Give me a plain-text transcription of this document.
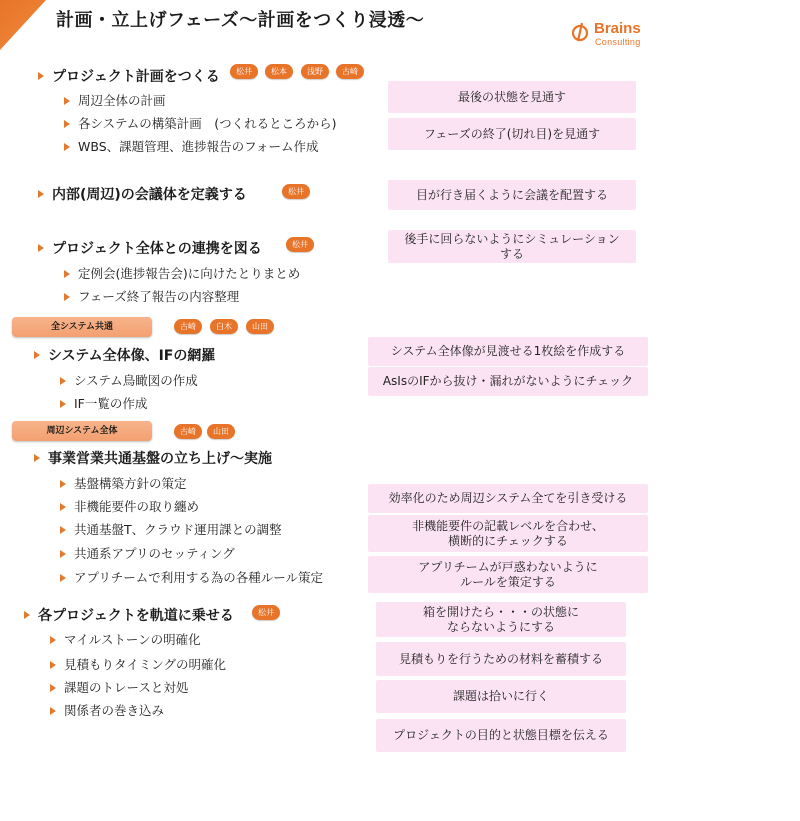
計画・立上げフェーズ〜計画をつくり浸透〜	Brains
Consulting
プロジェクト計画をつくる	松井	松本	浅野	古崎
周辺全体の計画
各システムの構築計画　(つくれるところから)
WBS、課題管理、進捗報告のフォーム作成
最後の状態を見通す
フェーズの終了(切れ目)を見通す
内部(周辺)の会議体を定義する	松井	目が行き届くように会議を配置する
プロジェクト全体との連携を図る	松井
定例会(進捗報告会)に向けたとりまとめ
フェーズ終了報告の内容整理
後手に回らないようにシミュレーション
する
全システム共通	古崎	白木	山田
システム全体像、IFの網羅
システム鳥瞰図の作成
IF一覧の作成
システム全体像が見渡せる1枚絵を作成する
AsIsのIFから抜け・漏れがないようにチェック
周辺システム全体	古崎	山田
事業営業共通基盤の立ち上げ〜実施
基盤構築方針の策定
非機能要件の取り纏め
共通基盤T、クラウド運用課との調整
共通系アプリのセッティング
アプリチームで利用する為の各種ルール策定
効率化のため周辺システム全てを引き受ける
非機能要件の記載レベルを合わせ、
横断的にチェックする
アプリチームが戸惑わないように
ルールを策定する
各プロジェクトを軌道に乗せる	松井
マイルストーンの明確化
見積もりタイミングの明確化
課題のトレースと対処
関係者の巻き込み
箱を開けたら・・・の状態に
ならないようにする
見積もりを行うための材料を蓄積する
課題は拾いに行く
プロジェクトの目的と状態目標を伝える
